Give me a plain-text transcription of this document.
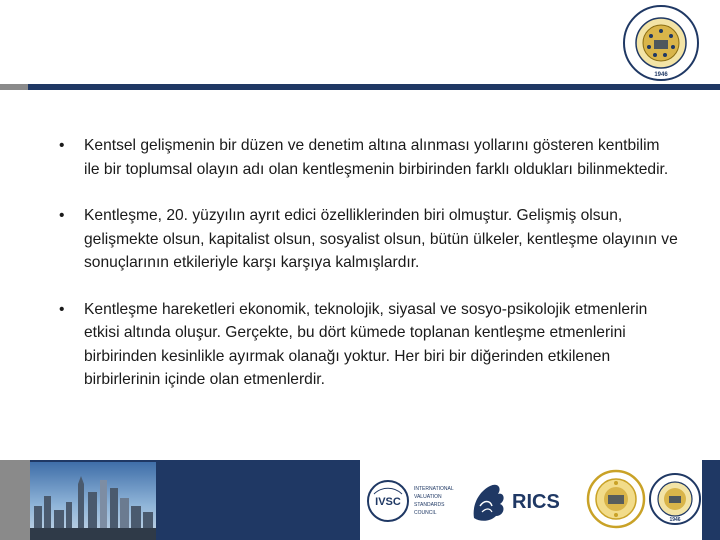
1946
•	Kentsel gelişmenin bir düzen ve denetim altına alınması yollarını gösteren kentbilim ile bir toplumsal olayın adı olan kentleşmenin birbirinden farklı oldukları bilinmektedir.
•	Kentleşme, 20. yüzyılın ayrıt edici özelliklerinden biri olmuştur. Gelişmiş olsun, gelişmekte olsun, kapitalist olsun, sosyalist olsun, bütün ülkeler, kentleşme olayının ve sonuçlarının etkileriyle karşı karşıya kalmışlardır.
•	Kentleşme hareketleri ekonomik, teknolojik, siyasal ve sosyo-psikolojik etmenlerin etkisi altında oluşur. Gerçekte, bu dört kümede toplanan kentleşme etmenlerini birbirinden kesinlikle ayırmak olanağı yoktur. Her biri bir diğerinden etkilenen birbirlerinin içinde olan etmenlerdir.
IVSC
INTERNATIONAL
VALUATION
STANDARDS
COUNCIL	RICS
1946
